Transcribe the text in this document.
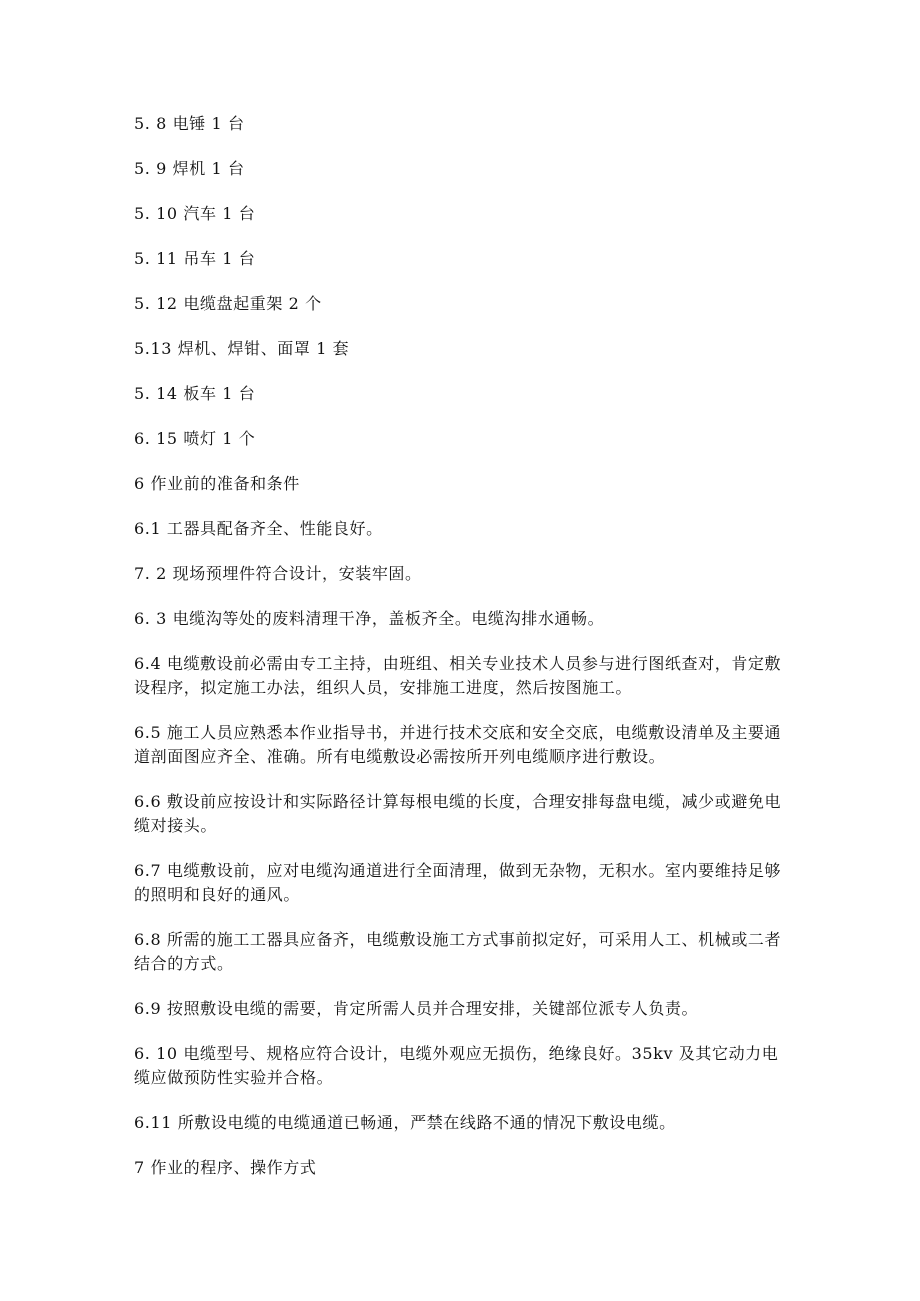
5. 8 电锤 1 台

5. 9 焊机 1 台

5. 10 汽车 1 台

5. 11 吊车 1 台

5. 12 电缆盘起重架 2 个

5.13 焊机、焊钳、面罩 1 套

5. 14 板车 1 台

6. 15 喷灯 1 个

6 作业前的准备和条件

6.1 工器具配备齐全、性能良好。

7. 2 现场预埋件符合设计，安装牢固。

6. 3 电缆沟等处的废料清理干净，盖板齐全。电缆沟排水通畅。

6.4 电缆敷设前必需由专工主持，由班组、相关专业技术人员参与进行图纸查对，肯定敷设程序，拟定施工办法，组织人员，安排施工进度，然后按图施工。

6.5 施工人员应熟悉本作业指导书，并进行技术交底和安全交底，电缆敷设清单及主要通道剖面图应齐全、准确。所有电缆敷设必需按所开列电缆顺序进行敷设。

6.6 敷设前应按设计和实际路径计算每根电缆的长度，合理安排每盘电缆，减少或避免电缆对接头。

6.7 电缆敷设前，应对电缆沟通道进行全面清理，做到无杂物，无积水。室内要维持足够的照明和良好的通风。

6.8 所需的施工工器具应备齐，电缆敷设施工方式事前拟定好，可采用人工、机械或二者结合的方式。

6.9 按照敷设电缆的需要，肯定所需人员并合理安排，关键部位派专人负责。

6. 10 电缆型号、规格应符合设计，电缆外观应无损伤，绝缘良好。35kv 及其它动力电缆应做预防性实验并合格。

6.11 所敷设电缆的电缆通道已畅通，严禁在线路不通的情况下敷设电缆。

7 作业的程序、操作方式
